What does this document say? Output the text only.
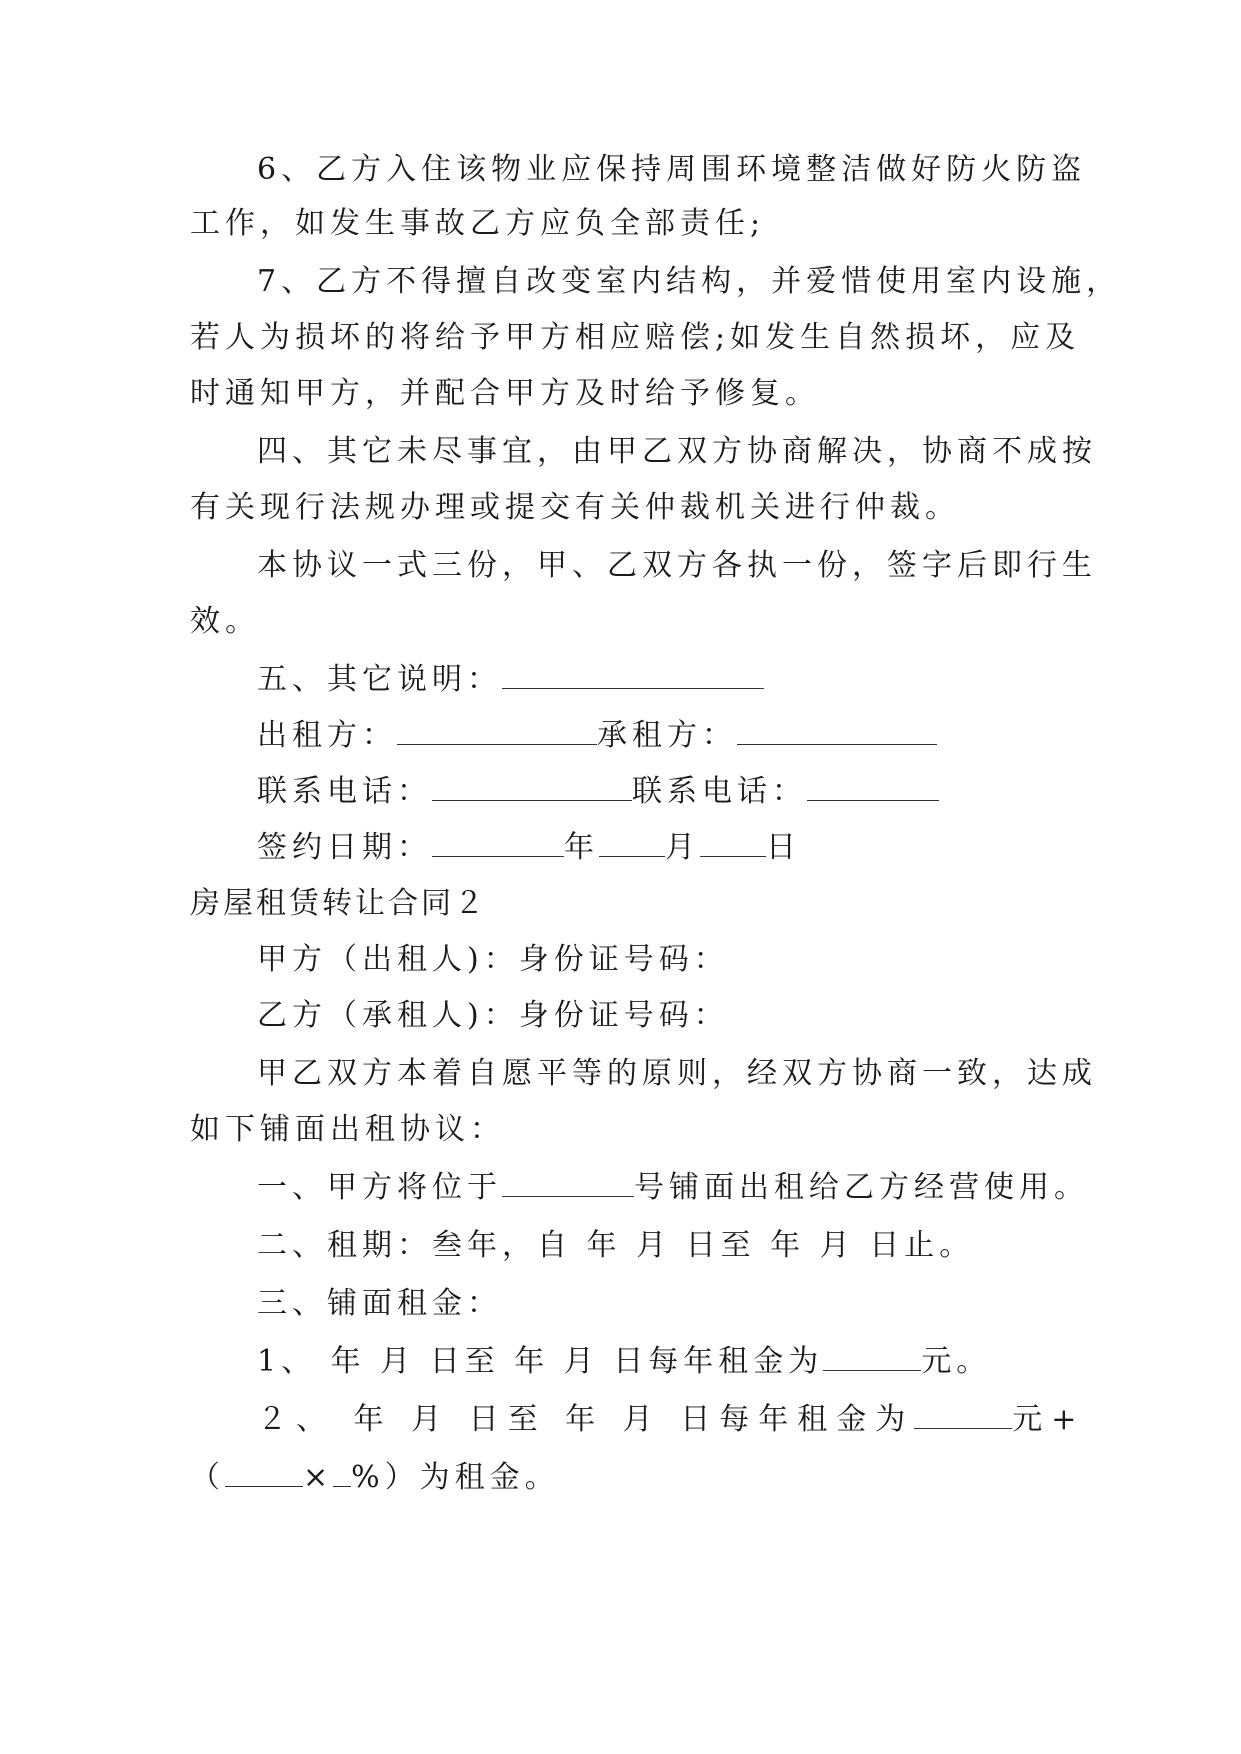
6、乙方入住该物业应保持周围环境整洁做好防火防盗
工作，如发生事故乙方应负全部责任;
7、乙方不得擅自改变室内结构，并爱惜使用室内设施，
若人为损坏的将给予甲方相应赔偿;如发生自然损坏，应及
时通知甲方，并配合甲方及时给予修复。
四、其它未尽事宜，由甲乙双方协商解决，协商不成按
有关现行法规办理或提交有关仲裁机关进行仲裁。
本协议一式三份，甲、乙双方各执一份，签字后即行生
效。
五、其它说明：
出租方：	承租方：
联系电话：	联系电话：
签约日期：	年 月 日
房屋租赁转让合同２
甲方（出租人)：身份证号码：
乙方（承租人)：身份证号码：
甲乙双方本着自愿平等的原则，经双方协商一致，达成
如下铺面出租协议：
一、甲方将位于	号铺面出租给乙方经营使用。
二、租期：叁年，自 年 月 日至 年 月 日止。
三、铺面租金：
1、 年 月 日至 年 月 日每年租金为	元。
２、 年 月 日至 年 月 日每年租金为	元+
（	× %）为租金。
